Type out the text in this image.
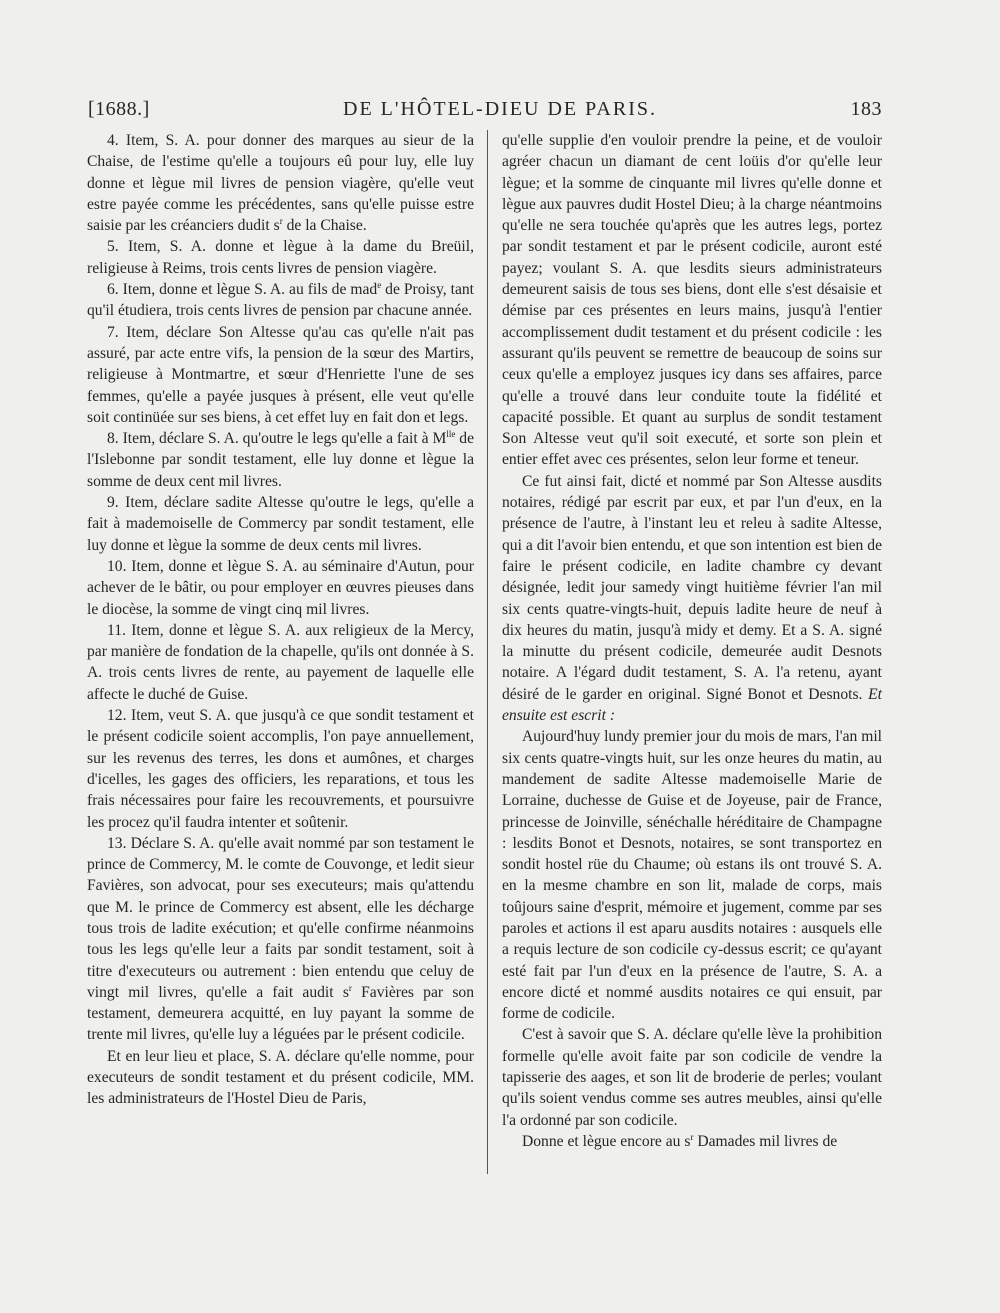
[1688.]	DE L'HÔTEL-DIEU DE PARIS.	183

4. Item, S. A. pour donner des marques au sieur de la Chaise, de l'estime qu'elle a toujours eû pour luy, elle luy donne et lègue mil livres de pension viagère, qu'elle veut estre payée comme les précédentes, sans qu'elle puisse estre saisie par les créanciers dudit $s^r$ de la Chaise.

5. Item, S. A. donne et lègue à la dame du Breüil, religieuse à Reims, trois cents livres de pension viagère.

6. Item, donne et lègue S. A. au fils de mad$^e$ de Proisy, tant qu'il étudiera, trois cents livres de pension par chacune année.

7. Item, déclare Son Altesse qu'au cas qu'elle n'ait pas assuré, par acte entre vifs, la pension de la sœur des Martirs, religieuse à Montmartre, et sœur d'Henriette l'une de ses femmes, qu'elle a payée jusques à présent, elle veut qu'elle soit continüée sur ses biens, à cet effet luy en fait don et legs.

8. Item, déclare S. A. qu'outre le legs qu'elle a fait à $M^{lle}$ de l'Islebonne par sondit testament, elle luy donne et lègue la somme de deux cent mil livres.

9. Item, déclare sadite Altesse qu'outre le legs, qu'elle a fait à mademoiselle de Commercy par sondit testament, elle luy donne et lègue la somme de deux cents mil livres.

10. Item, donne et lègue S. A. au séminaire d'Autun, pour achever de le bâtir, ou pour employer en œuvres pieuses dans le diocèse, la somme de vingt cinq mil livres.

11. Item, donne et lègue S. A. aux religieux de la Mercy, par manière de fondation de la chapelle, qu'ils ont donnée à S. A. trois cents livres de rente, au payement de laquelle elle affecte le duché de Guise.

12. Item, veut S. A. que jusqu'à ce que sondit testament et le présent codicile soient accomplis, l'on paye annuellement, sur les revenus des terres, les dons et aumônes, et charges d'icelles, les gages des officiers, les reparations, et tous les frais nécessaires pour faire les recouvrements, et poursuivre les procez qu'il faudra intenter et soûtenir.

13. Déclare S. A. qu'elle avait nommé par son testament le prince de Commercy, M. le comte de Couvonge, et ledit sieur Favières, son advocat, pour ses executeurs; mais qu'attendu que M. le prince de Commercy est absent, elle les décharge tous trois de ladite exécution; et qu'elle confirme néanmoins tous les legs qu'elle leur a faits par sondit testament, soit à titre d'executeurs ou autrement : bien entendu que celuy de vingt mil livres, qu'elle a fait audit $s^r$ Favières par son testament, demeurera acquitté, en luy payant la somme de trente mil livres, qu'elle luy a léguées par le présent codicile.

Et en leur lieu et place, S. A. déclare qu'elle nomme, pour executeurs de sondit testament et du présent codicile, MM. les administrateurs de l'Hostel Dieu de Paris,

qu'elle supplie d'en vouloir prendre la peine, et de vouloir agréer chacun un diamant de cent loüis d'or qu'elle leur lègue; et la somme de cinquante mil livres qu'elle donne et lègue aux pauvres dudit Hostel Dieu; à la charge néantmoins qu'elle ne sera touchée qu'après que les autres legs, portez par sondit testament et par le présent codicile, auront esté payez; voulant S. A. que lesdits sieurs administrateurs demeurent saisis de tous ses biens, dont elle s'est désaisie et démise par ces présentes en leurs mains, jusqu'à l'entier accomplissement dudit testament et du présent codicile : les assurant qu'ils peuvent se remettre de beaucoup de soins sur ceux qu'elle a employez jusques icy dans ses affaires, parce qu'elle a trouvé dans leur conduite toute la fidélité et capacité possible. Et quant au surplus de sondit testament Son Altesse veut qu'il soit executé, et sorte son plein et entier effet avec ces présentes, selon leur forme et teneur.

Ce fut ainsi fait, dicté et nommé par Son Altesse ausdits notaires, rédigé par escrit par eux, et par l'un d'eux, en la présence de l'autre, à l'instant leu et releu à sadite Altesse, qui a dit l'avoir bien entendu, et que son intention est bien de faire le présent codicile, en ladite chambre cy devant désignée, ledit jour samedy vingt huitième février l'an mil six cents quatre-vingts-huit, depuis ladite heure de neuf à dix heures du matin, jusqu'à midy et demy. Et a S. A. signé la minutte du présent codicile, demeurée audit Desnots notaire. A l'égard dudit testament, S. A. l'a retenu, ayant désiré de le garder en original. Signé Bonot et Desnots. Et ensuite est escrit :

Aujourd'huy lundy premier jour du mois de mars, l'an mil six cents quatre-vingts huit, sur les onze heures du matin, au mandement de sadite Altesse mademoiselle Marie de Lorraine, duchesse de Guise et de Joyeuse, pair de France, princesse de Joinville, sénéchalle héréditaire de Champagne : lesdits Bonot et Desnots, notaires, se sont transportez en sondit hostel rüe du Chaume; où estans ils ont trouvé S. A. en la mesme chambre en son lit, malade de corps, mais toûjours saine d'esprit, mémoire et jugement, comme par ses paroles et actions il est aparu ausdits notaires : ausquels elle a requis lecture de son codicile cy-dessus escrit; ce qu'ayant esté fait par l'un d'eux en la présence de l'autre, S. A. a encore dicté et nommé ausdits notaires ce qui ensuit, par forme de codicile.

C'est à savoir que S. A. déclare qu'elle lève la prohibition formelle qu'elle avoit faite par son codicile de vendre la tapisserie des aages, et son lit de broderie de perles; voulant qu'ils soient vendus comme ses autres meubles, ainsi qu'elle l'a ordonné par son codicile.

Donne et lègue encore au $s^r$ Damades mil livres de
